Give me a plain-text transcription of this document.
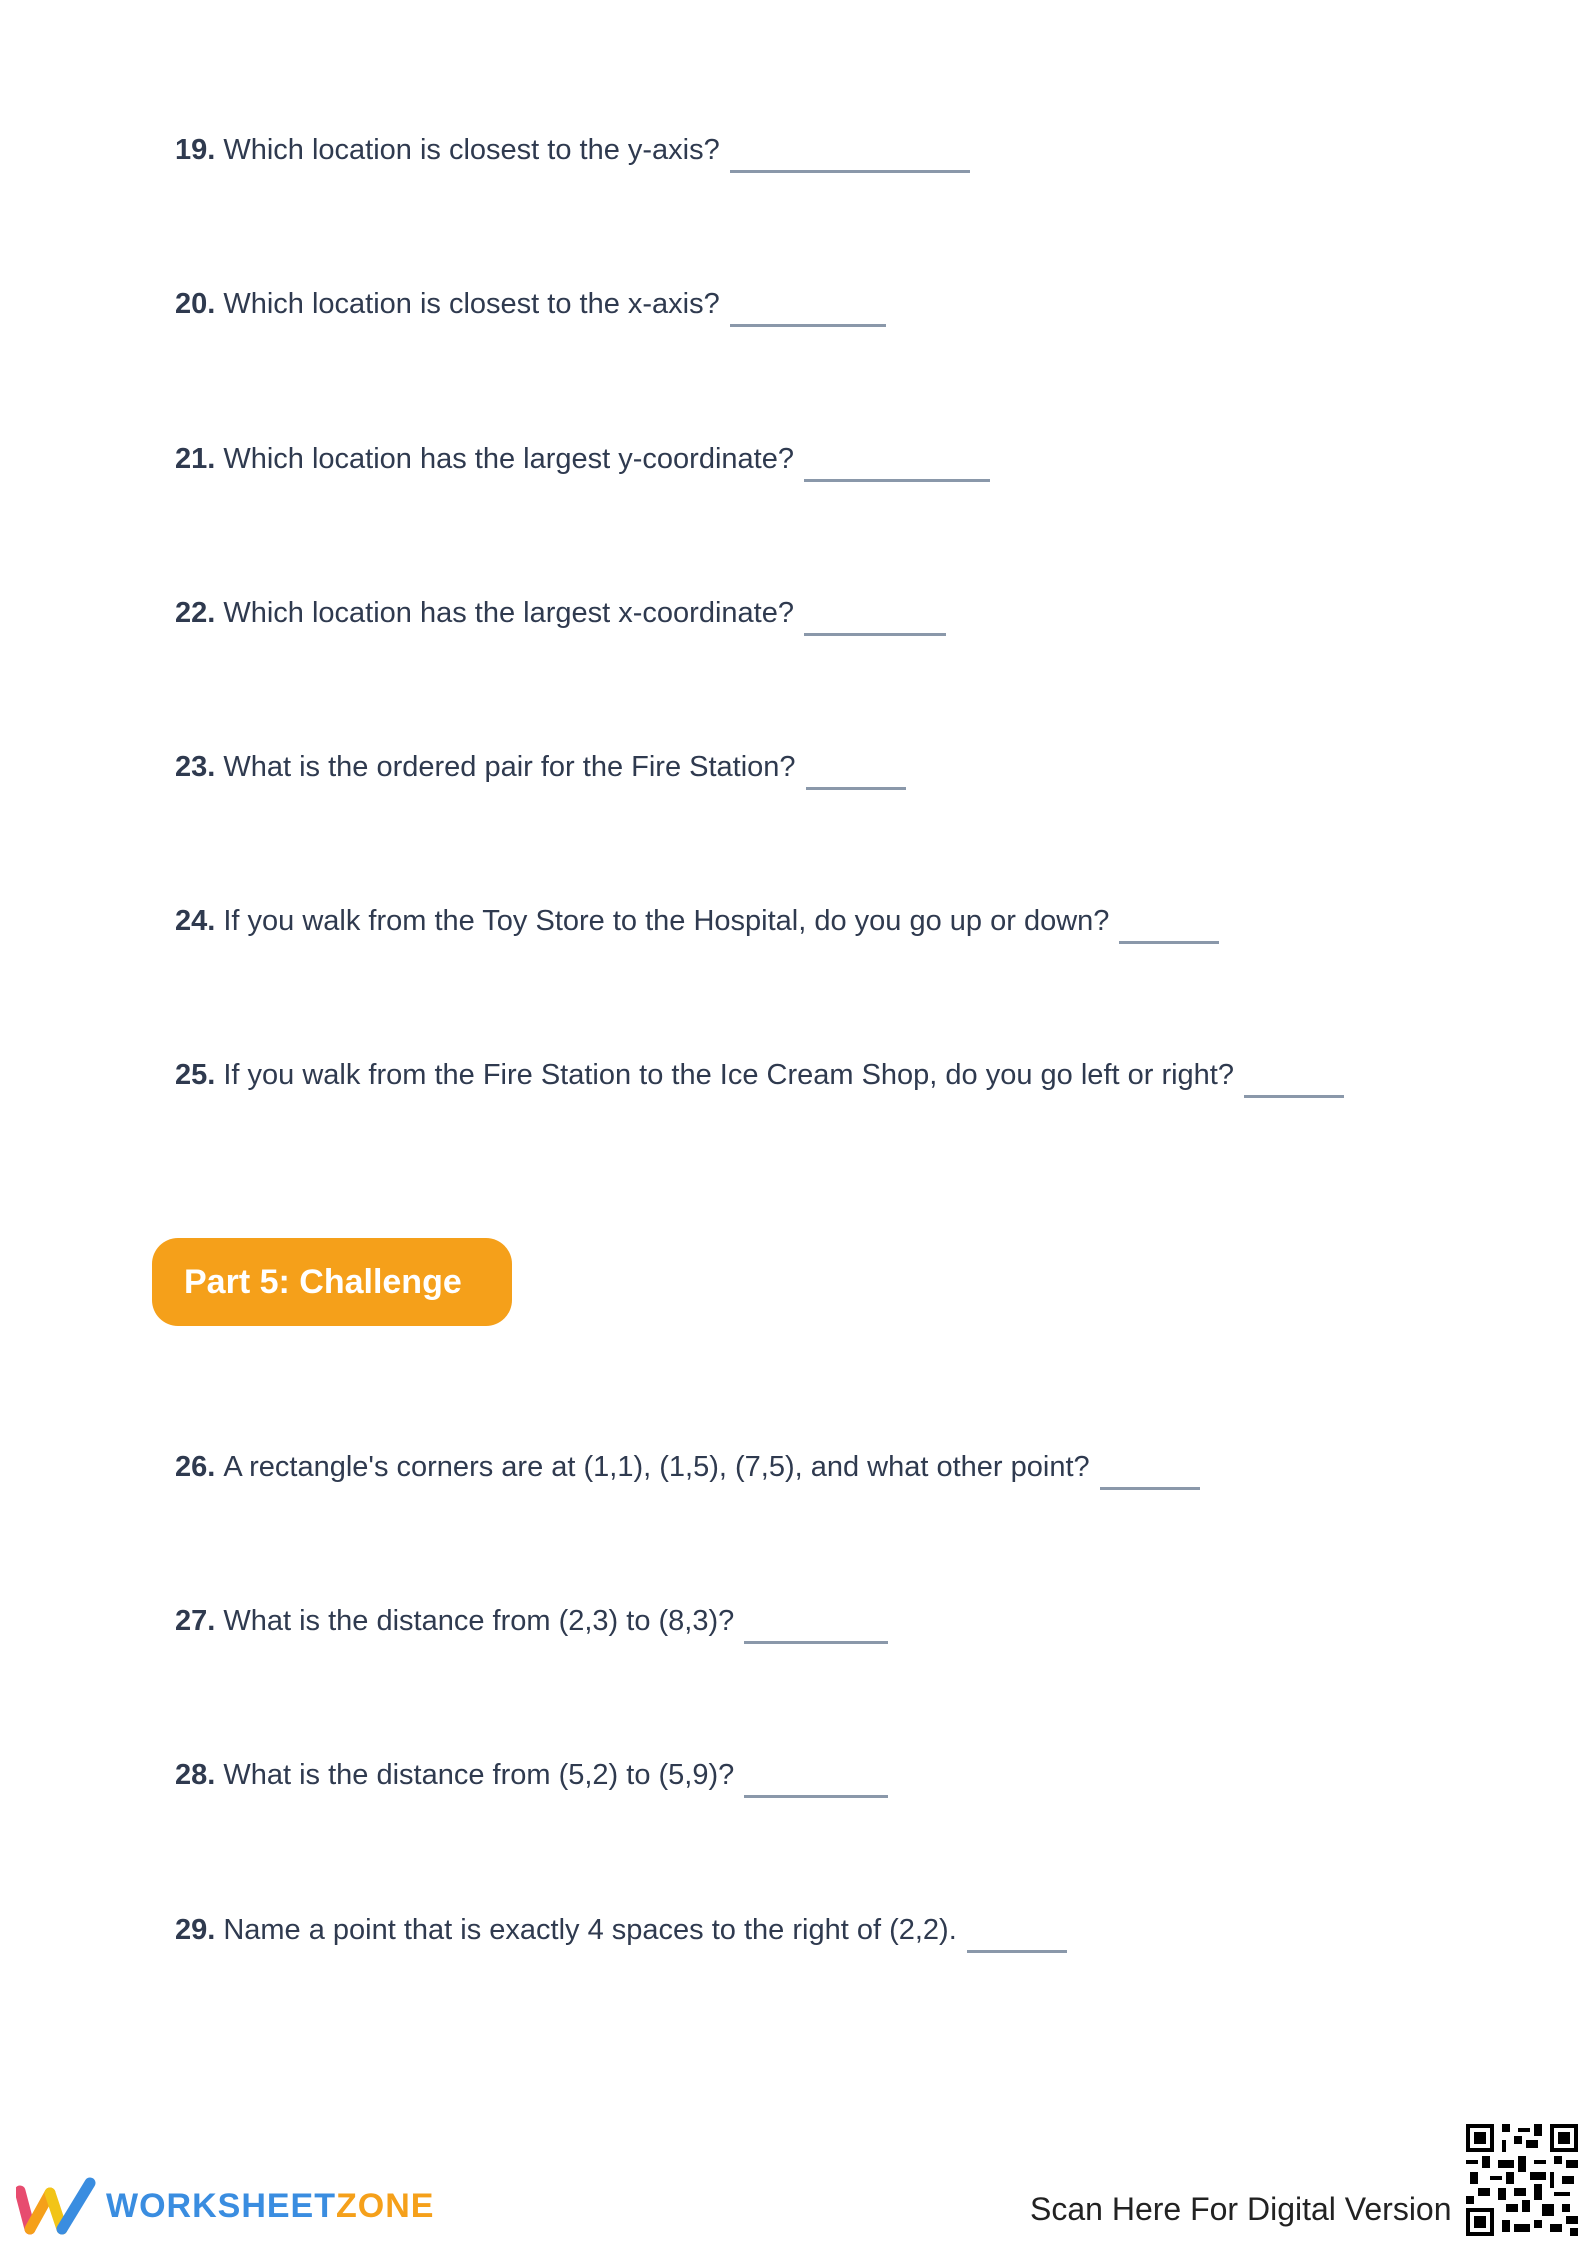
19. Which location is closest to the y-axis?
20. Which location is closest to the x-axis?
21. Which location has the largest y-coordinate?
22. Which location has the largest x-coordinate?
23. What is the ordered pair for the Fire Station?
24. If you walk from the Toy Store to the Hospital, do you go up or down?
25. If you walk from the Fire Station to the Ice Cream Shop, do you go left or right?
Part 5: Challenge
26. A rectangle's corners are at (1,1), (1,5), (7,5), and what other point?
27. What is the distance from (2,3) to (8,3)?
28. What is the distance from (5,2) to (5,9)?
29. Name a point that is exactly 4 spaces to the right of (2,2).
WORKSHEETZONE	Scan Here For Digital Version
